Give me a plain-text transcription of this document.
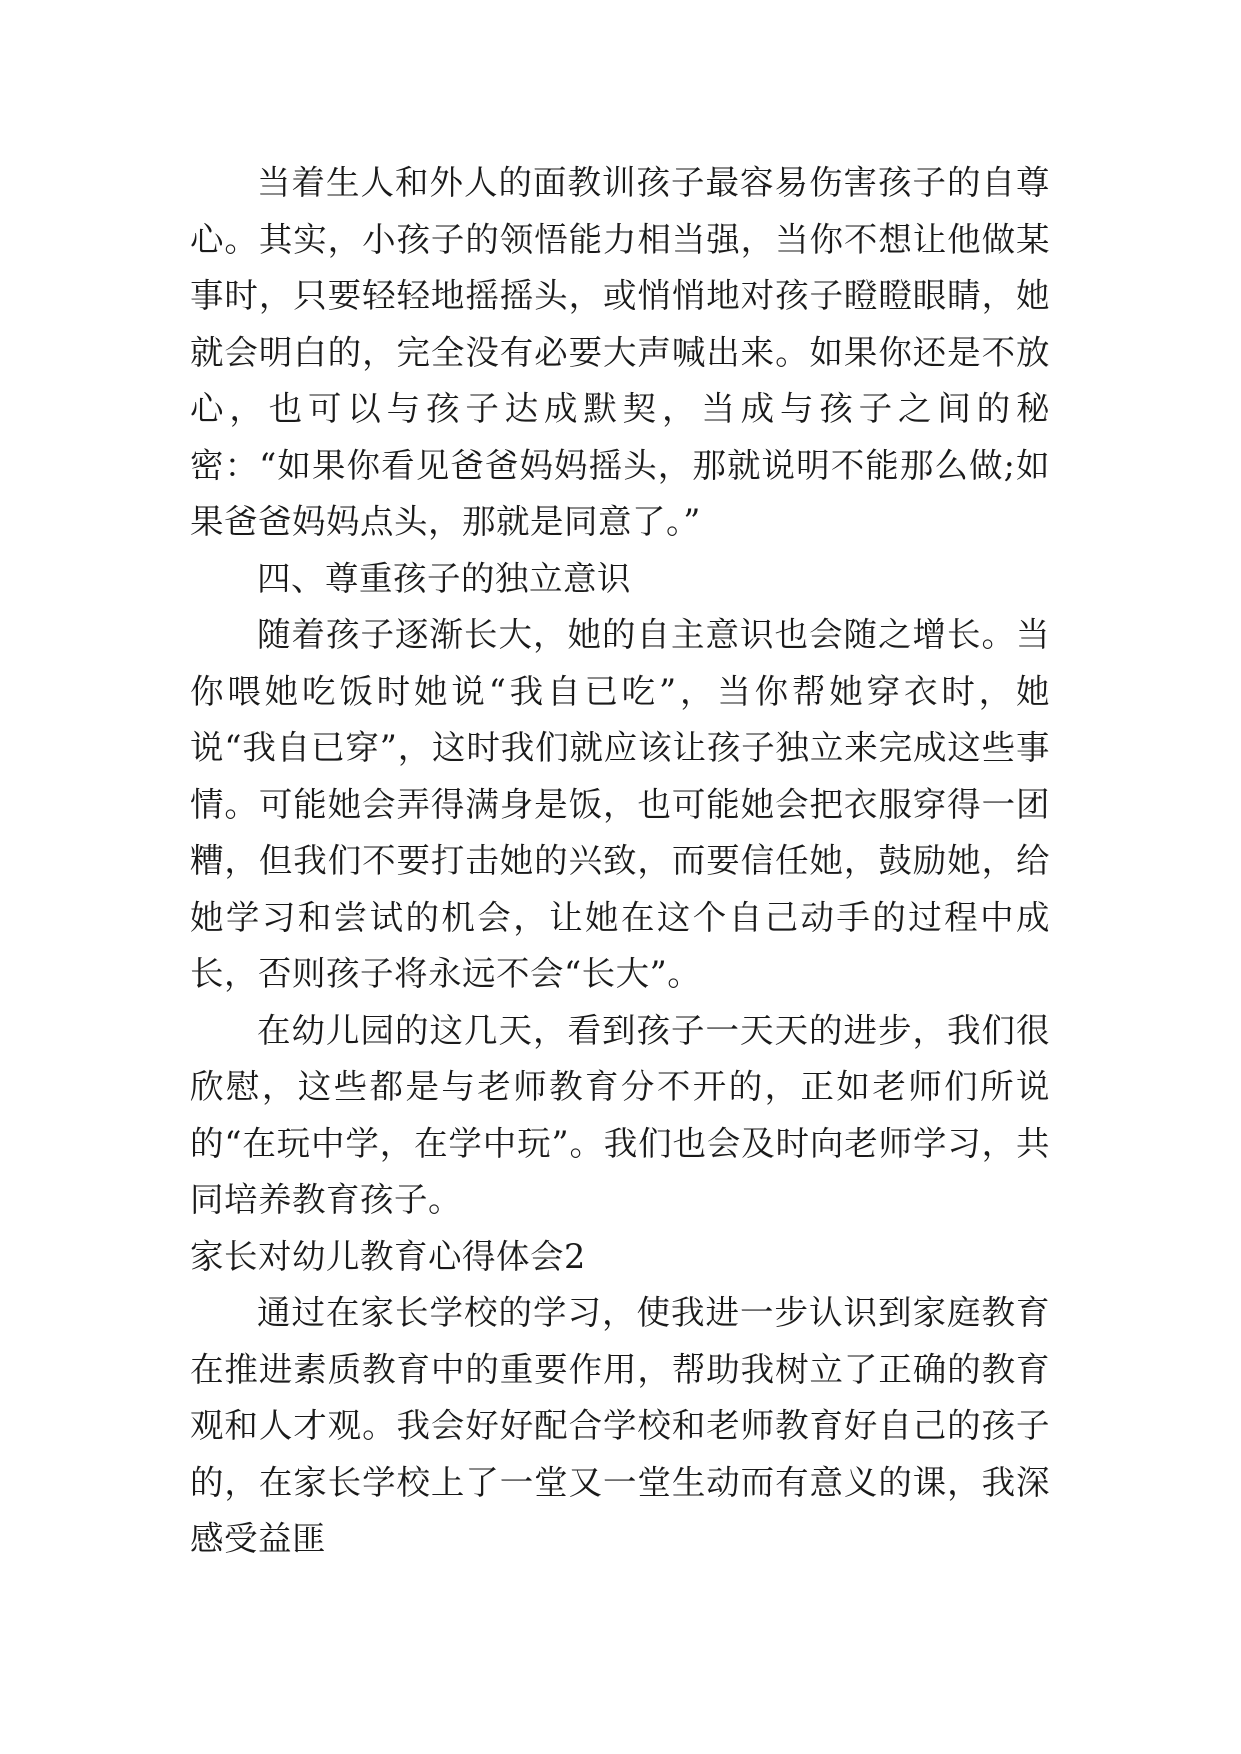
当着生人和外人的面教训孩子最容易伤害孩子的自尊心。其实，小孩子的领悟能力相当强，当你不想让他做某事时，只要轻轻地摇摇头，或悄悄地对孩子瞪瞪眼睛，她就会明白的，完全没有必要大声喊出来。如果你还是不放心，也可以与孩子达成默契，当成与孩子之间的秘密：“如果你看见爸爸妈妈摇头，那就说明不能那么做;如果爸爸妈妈点头，那就是同意了。”

四、尊重孩子的独立意识

随着孩子逐渐长大，她的自主意识也会随之增长。当你喂她吃饭时她说“我自已吃”，当你帮她穿衣时，她说“我自已穿”，这时我们就应该让孩子独立来完成这些事情。可能她会弄得满身是饭，也可能她会把衣服穿得一团糟，但我们不要打击她的兴致，而要信任她，鼓励她，给她学习和尝试的机会，让她在这个自己动手的过程中成长，否则孩子将永远不会“长大”。

在幼儿园的这几天，看到孩子一天天的进步，我们很欣慰，这些都是与老师教育分不开的，正如老师们所说的“在玩中学，在学中玩”。我们也会及时向老师学习，共同培养教育孩子。

家长对幼儿教育心得体会2

通过在家长学校的学习，使我进一步认识到家庭教育在推进素质教育中的重要作用，帮助我树立了正确的教育观和人才观。我会好好配合学校和老师教育好自己的孩子的，在家长学校上了一堂又一堂生动而有意义的课，我深感受益匪
